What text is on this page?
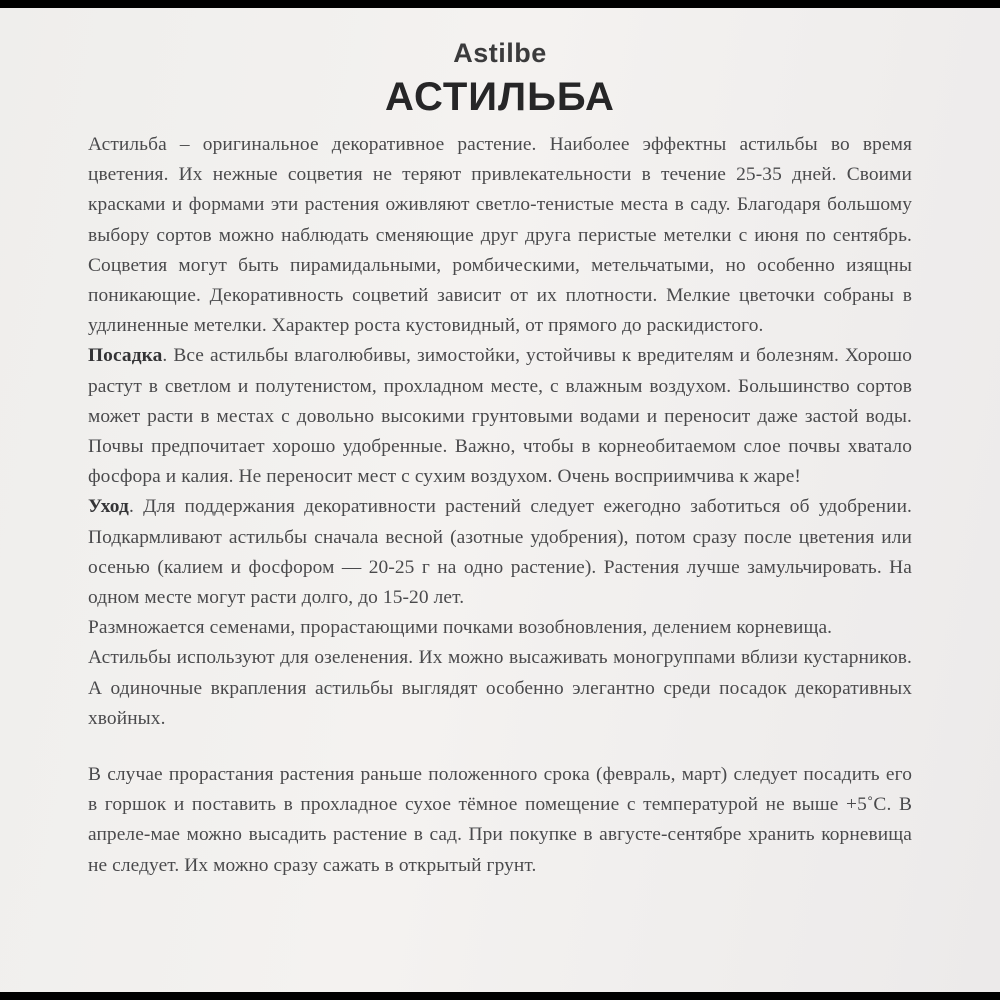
Astilbe
АСТИЛЬБА

Астильба – оригинальное декоративное растение. Наиболее эффектны астильбы во время цветения. Их нежные соцветия не теряют привлекательности в течение 25-35 дней. Своими красками и формами эти растения оживляют светло-тенистые места в саду. Благодаря большому выбору сортов можно наблюдать сменяющие друг друга перистые метелки с июня по сентябрь. Соцветия могут быть пирамидальными, ромбическими, метельчатыми, но особенно изящны поникающие. Декоративность соцветий зависит от их плотности. Мелкие цветочки собраны в удлиненные метелки. Характер роста кустовидный, от прямого до раскидистого.

Посадка. Все астильбы влаголюбивы, зимостойки, устойчивы к вредителям и болезням. Хорошо растут в светлом и полутенистом, прохладном месте, с влажным воздухом. Большинство сортов может расти в местах с довольно высокими грунтовыми водами и переносит даже застой воды. Почвы предпочитает хорошо удобренные. Важно, чтобы в корнеобитаемом слое почвы хватало фосфора и калия. Не переносит мест с сухим воздухом. Очень восприимчива к жаре!

Уход. Для поддержания декоративности растений следует ежегодно заботиться об удобрении. Подкармливают астильбы сначала весной (азотные удобрения), потом сразу после цветения или осенью (калием и фосфором — 20-25 г на одно растение). Растения лучше замульчировать. На одном месте могут расти долго, до 15-20 лет.

Размножается семенами, прорастающими почками возобновления, делением корневища.

Астильбы используют для озеленения. Их можно высаживать моногруппами вблизи кустарников. А одиночные вкрапления астильбы выглядят особенно элегантно среди посадок декоративных хвойных.

В случае прорастания растения раньше положенного срока (февраль, март) следует посадить его в горшок и поставить в прохладное сухое тёмное помещение с температурой не выше +5˚С. В апреле-мае можно высадить растение в сад. При покупке в августе-сентябре хранить корневища не следует. Их можно сразу сажать в открытый грунт.
